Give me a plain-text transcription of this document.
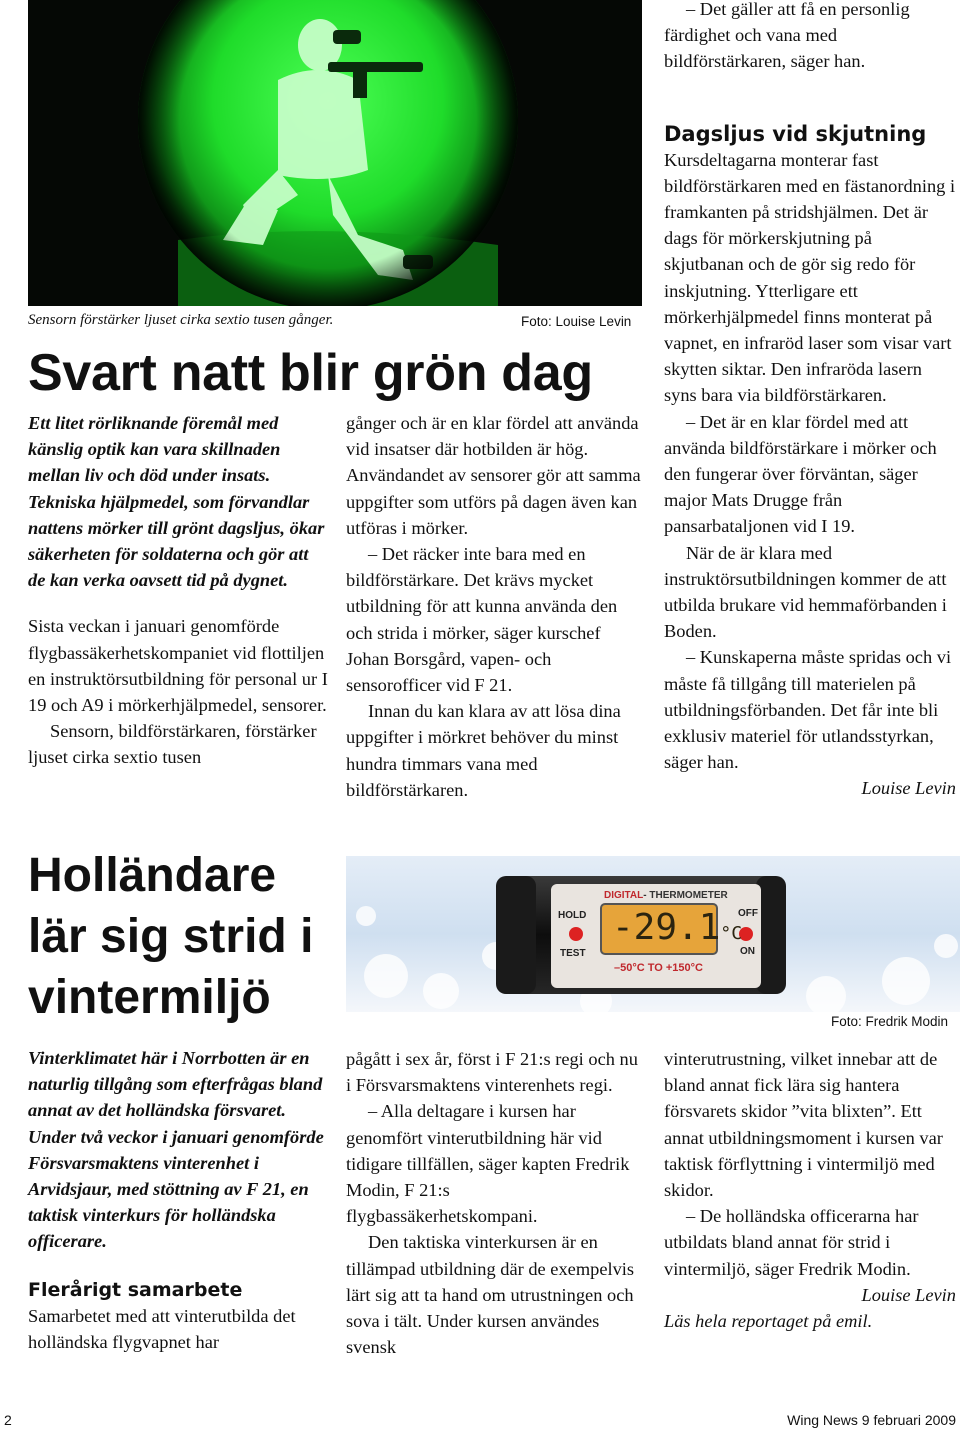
Sensorn förstärker ljuset cirka sextio tusen gånger.	Foto: Louise Levin
Svart natt blir grön dag

Ett litet rörliknande föremål med känslig optik kan vara skillnaden mellan liv och död under insats. Tekniska hjälpmedel, som förvandlar nattens mörker till grönt dagsljus, ökar säkerheten för soldaterna och gör att de kan verka oavsett tid på dygnet.

Sista veckan i januari genomförde flygbassäkerhetskompaniet vid flottiljen en instruktörsutbildning för personal ur I 19 och A9 i mörkerhjälpmedel, sensorer.

Sensorn, bildförstärkaren, förstärker ljuset cirka sextio tusen

gånger och är en klar fördel att använda vid insatser där hotbilden är hög. Användandet av sensorer gör att samma uppgifter som utförs på dagen även kan utföras i mörker.

– Det räcker inte bara med en bildförstärkare. Det krävs mycket utbildning för att kunna använda den och strida i mörker, säger kurschef Johan Borsgård, vapen- och sensorofficer vid F 21.

Innan du kan klara av att lösa dina uppgifter i mörkret behöver du minst hundra timmars vana med bildförstärkaren.

– Det gäller att få en personlig färdighet och vana med bildförstärkaren, säger han.

Dagsljus vid skjutning

Kursdeltagarna monterar fast bildförstärkaren med en fästanordning i framkanten på stridshjälmen. Det är dags för mörkerskjutning på skjutbanan och de gör sig redo för inskjutning. Ytterligare ett mörkerhjälpmedel finns monterat på vapnet, en infraröd laser som visar vart skytten siktar. Den infraröda lasern syns bara via bildförstärkaren.

– Det är en klar fördel med att använda bildförstärkare i mörker och den fungerar över förväntan, säger major Mats Drugge från pansarbataljonen vid I 19.

När de är klara med instruktörsutbildningen kommer de att utbilda brukare vid hemmaförbanden i Boden.

– Kunskaperna måste spridas och vi måste få tillgång till materielen på utbildningsförbanden. Det får inte bli exklusiv materiel för utlandsstyrkan, säger han.

Louise Levin

Holländare lär sig strid i vintermiljö
DIGITAL- THERMOMETER
-29.1°C
HOLD
TEST
OFF
ON
–50°C TO +150°C
Foto: Fredrik Modin

Vinterklimatet här i Norrbotten är en naturlig tillgång som efterfrågas bland annat av det holländska försvaret. Under två veckor i januari genomförde Försvarsmaktens vinterenhet i Arvidsjaur, med stöttning av F 21, en taktisk vinterkurs för holländska officerare.

Flerårigt samarbete

Samarbetet med att vinterutbilda det holländska flygvapnet har

pågått i sex år, först i F 21:s regi och nu i Försvarsmaktens vinterenhets regi.

– Alla deltagare i kursen har genomfört vinterutbildning här vid tidigare tillfällen, säger kapten Fredrik Modin, F 21:s flygbassäkerhetskompani.

Den taktiska vinterkursen är en tillämpad utbildning där de exempelvis lärt sig att ta hand om utrustningen och sova i tält. Under kursen användes svensk

vinterutrustning, vilket innebar att de bland annat fick lära sig hantera försvarets skidor ”vita blixten”. Ett annat utbildningsmoment i kursen var taktisk förflyttning i vintermiljö med skidor.

– De holländska officerarna har utbildats bland annat för strid i vintermiljö, säger Fredrik Modin.

Louise Levin

Läs hela reportaget på emil.

2	Wing News 9 februari 2009
